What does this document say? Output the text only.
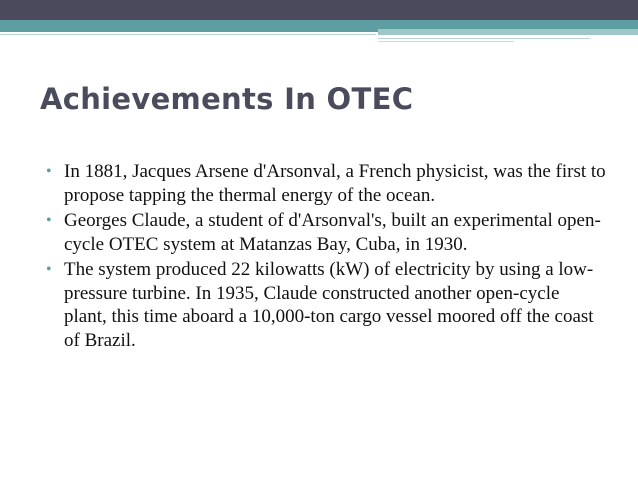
Achievements In OTEC
• In 1881, Jacques Arsene d'Arsonval, a French physicist, was the first to propose tapping the thermal energy of the ocean.
• Georges Claude, a student of d'Arsonval's, built an experimental open-cycle OTEC system at Matanzas Bay, Cuba, in 1930.
• The system produced 22 kilowatts (kW) of electricity by using a low-pressure turbine. In 1935, Claude constructed another open-cycle plant, this time aboard a 10,000-ton cargo vessel moored off the coast of Brazil.
